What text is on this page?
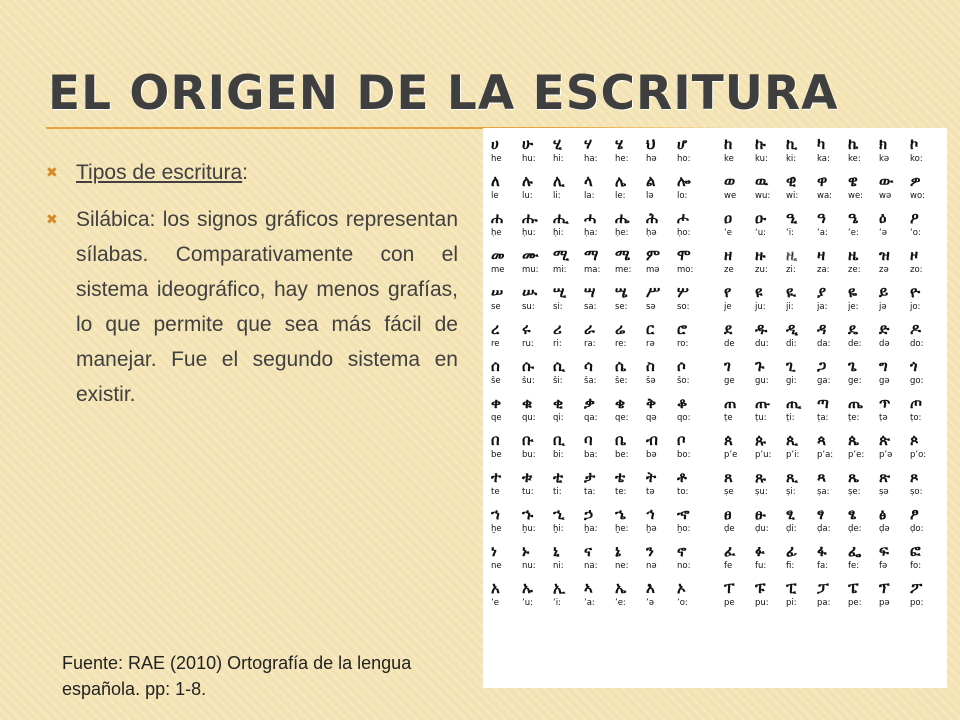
EL ORIGEN DE LA ESCRITURA
✖ Tipos de escritura:
✖ Silábica: los signos gráficos representan sílabas. Comparativamente con el sistema ideográfico, hay menos grafías, lo que permite que sea más fácil de manejar. Fue el segundo sistema en existir.

Fuente: RAE (2010) Ortografía de la lengua española. pp: 1-8.

ሀ	ሁ	ሂ	ሃ	ሄ	ህ	ሆ		ከ	ኩ	ኪ	ካ	ኬ	ክ	ኮ
he	hu:	hi:	ha:	he:	hə	ho:		ke	ku:	ki:	ka:	ke:	kə	ko:
ለ	ሉ	ሊ	ላ	ሌ	ል	ሎ		ወ	ዉ	ዊ	ዋ	ዌ	ው	ዎ
le	lu:	li:	la:	le:	lə	lo:		we	wu:	wi:	wa:	we:	wə	wo:
ሐ	ሑ	ሒ	ሓ	ሔ	ሕ	ሖ		ዐ	ዑ	ዒ	ዓ	ዔ	ዕ	ዖ
ḥe	ḥu:	ḥi:	ḥa:	ḥe:	ḥə	ḥo:		ʻe	ʻu:	ʻi:	ʻa:	ʻe:	ʻə	ʻo:
መ	ሙ	ሚ	ማ	ሜ	ም	ሞ		ዘ	ዙ	ዚ	ዛ	ዜ	ዝ	ዞ
me	mu:	mi:	ma:	me:	mə	mo:		ze	zu:	zi:	za:	ze:	zə	zo:
ሠ	ሡ	ሢ	ሣ	ሤ	ሥ	ሦ		የ	ዩ	ዪ	ያ	ዬ	ይ	ዮ
se	su:	si:	sa:	se:	sə	so:		je	ju:	ji:	ja:	je:	jə	jo:
ረ	ሩ	ሪ	ራ	ሬ	ር	ሮ		ደ	ዱ	ዲ	ዳ	ዴ	ድ	ዶ
re	ru:	ri:	ra:	re:	rə	ro:		de	du:	di:	da:	de:	də	do:
ሰ	ሱ	ሲ	ሳ	ሴ	ስ	ሶ		ገ	ጉ	ጊ	ጋ	ጌ	ግ	ጎ
še	šu:	ši:	ša:	še:	šə	šo:		ge	gu:	gi:	ga:	ge:	gə	go:
ቀ	ቁ	ቂ	ቃ	ቄ	ቅ	ቆ		ጠ	ጡ	ጢ	ጣ	ጤ	ጥ	ጦ
qe	qu:	qi:	qa:	qe:	qə	qo:		ṭe	ṭu:	ṭi:	ṭa:	ṭe:	ṭə	ṭo:
በ	ቡ	ቢ	ባ	ቤ	ብ	ቦ		ጰ	ጱ	ጲ	ጳ	ጴ	ጵ	ጶ
be	bu:	bi:	ba:	be:	bə	bo:		pʼe	pʼu:	pʼi:	pʼa:	pʼe:	pʼə	pʼo:
ተ	ቱ	ቲ	ታ	ቴ	ት	ቶ		ጸ	ጹ	ጺ	ጻ	ጼ	ጽ	ጾ
te	tu:	ti:	ta:	te:	tə	to:		ṣe	ṣu:	ṣi:	ṣa:	ṣe:	ṣə	ṣo:
ኀ	ኁ	ኂ	ኃ	ኄ	ኅ	ኆ		ፀ	ፁ	ፂ	ፃ	ፄ	ፅ	ፆ
ḫe	ḫu:	ḫi:	ḫa:	ḫe:	ḫə	ḫo:		ḍe	ḍu:	ḍi:	ḍa:	ḍe:	ḍə	ḍo:
ነ	ኑ	ኒ	ና	ኔ	ን	ኖ		ፈ	ፉ	ፊ	ፋ	ፌ	ፍ	ፎ
ne	nu:	ni:	na:	ne:	nə	no:		fe	fu:	fi:	fa:	fe:	fə	fo:
አ	ኡ	ኢ	ኣ	ኤ	እ	ኦ		ፐ	ፑ	ፒ	ፓ	ፔ	ፕ	ፖ
ʼe	ʼu:	ʼi:	ʼa:	ʼe:	ʼə	ʼo:		pe	pu:	pi:	pa:	pe:	pə	po:
